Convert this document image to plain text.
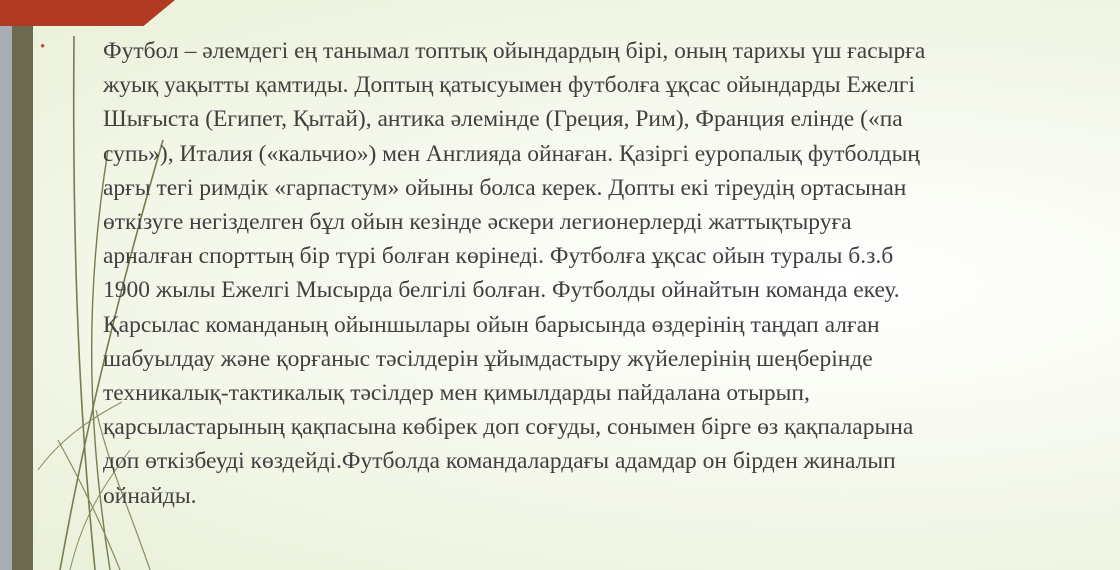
• Футбол – әлемдегі ең танымал топтық ойындардың бірі, оның тарихы үш ғасырға
жуық уақытты қамтиды. Доптың қатысуымен футболға ұқсас ойындарды Ежелгі
Шығыста (Египет, Қытай), антика әлемінде (Греция, Рим), Франция елінде («па
супь»), Италия («кальчио») мен Англияда ойнаған. Қазіргі еуропалық футболдың
арғы тегі римдік «гарпастум» ойыны болса керек. Допты екі тіреудің ортасынан
өткізуге негізделген бұл ойын кезінде әскери легионерлерді жаттықтыруға
арналған спорттың бір түрі болған көрінеді. Футболға ұқсас ойын туралы б.з.б
1900 жылы Ежелгі Мысырда белгілі болған. Футболды ойнайтын команда екеу.
Қарсылас команданың ойыншылары ойын барысында өздерінің таңдап алған
шабуылдау және қорғаныс тәсілдерін ұйымдастыру жүйелерінің шеңберінде
техникалық-тактикалық тәсілдер мен қимылдарды пайдалана отырып,
қарсыластарының қақпасына көбірек доп соғуды, сонымен бірге өз қақпаларына
доп өткізбеуді көздейді.Футболда командалардағы адамдар он бірден жиналып
ойнайды.
